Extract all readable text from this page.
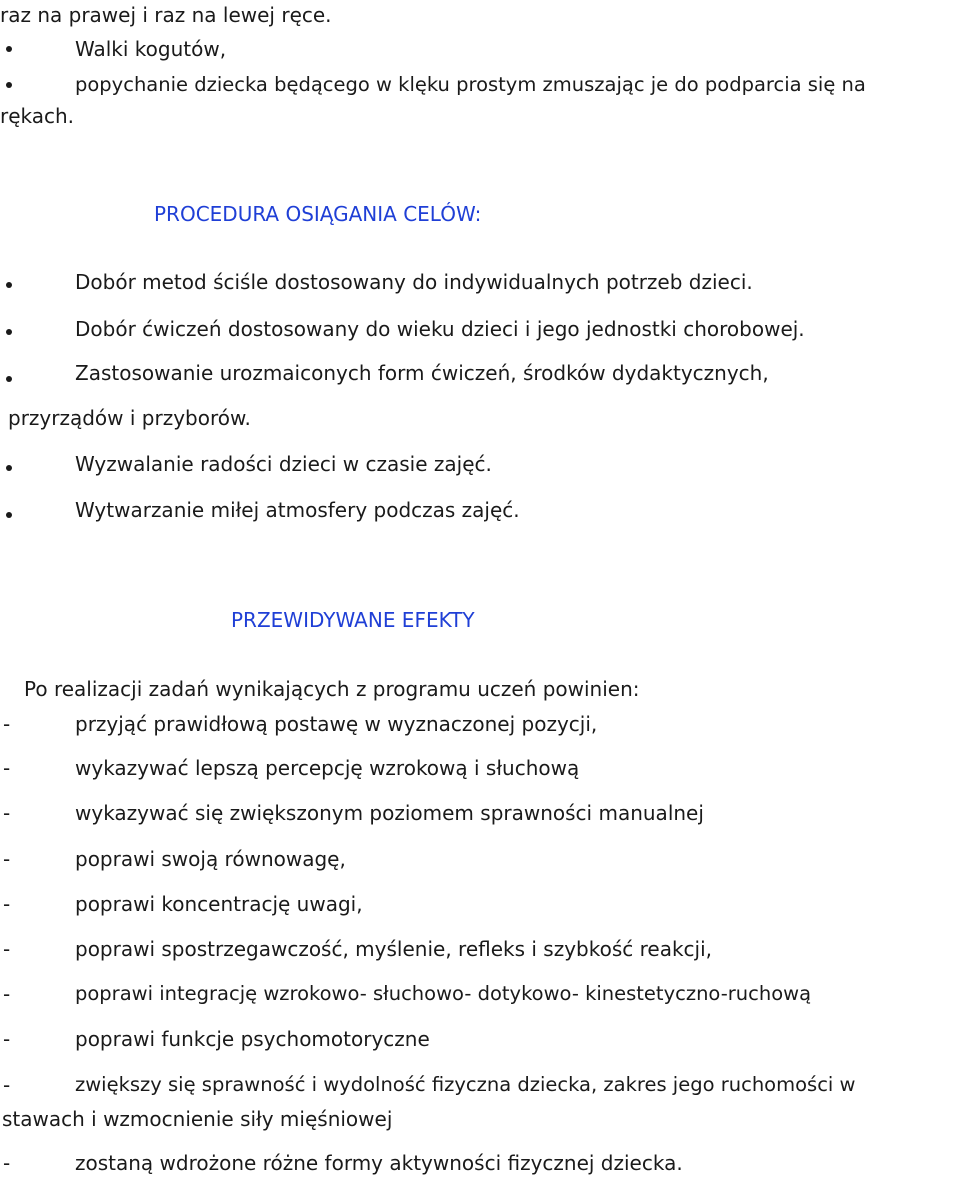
raz na prawej i raz na lewej ręce.
Walki kogutów,
popychanie dziecka będącego w klęku prostym zmuszając je do podparcia się na
rękach.
PROCEDURA OSIĄGANIA CELÓW:
Dobór metod ściśle dostosowany do indywidualnych potrzeb dzieci.
Dobór ćwiczeń dostosowany do wieku dzieci i jego jednostki chorobowej.
Zastosowanie urozmaiconych form ćwiczeń, środków dydaktycznych,
przyrządów i przyborów.
Wyzwalanie radości dzieci w czasie zajęć.
Wytwarzanie miłej atmosfery podczas zajęć.
PRZEWIDYWANE EFEKTY
Po realizacji zadań wynikających z programu uczeń powinien:
-	przyjąć prawidłową postawę w wyznaczonej pozycji,
-	wykazywać lepszą percepcję wzrokową i słuchową
-	wykazywać się zwiększonym poziomem sprawności manualnej
-	poprawi swoją równowagę,
-	poprawi koncentrację uwagi,
-	poprawi spostrzegawczość, myślenie, refleks i szybkość reakcji,
-	poprawi integrację wzrokowo- słuchowo- dotykowo- kinestetyczno-ruchową
-	poprawi funkcje psychomotoryczne
-	zwiększy się sprawność i wydolność fizyczna dziecka, zakres jego ruchomości w
stawach i wzmocnienie siły mięśniowej
-	zostaną wdrożone różne formy aktywności fizycznej dziecka.
